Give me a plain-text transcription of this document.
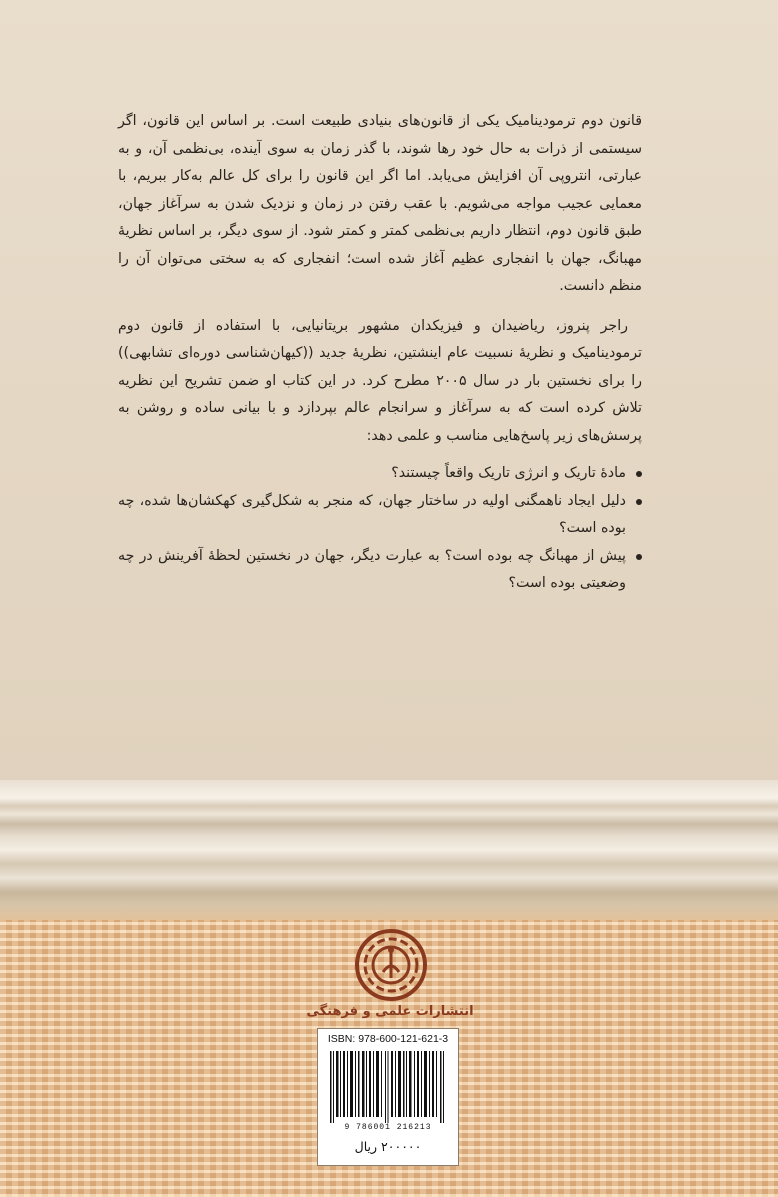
قانون دوم ترمودینامیک یکی از قانون‌های بنیادی طبیعت است. بر اساس این قانون، اگر سیستمی از ذرات به حال خود رها شوند، با گذر زمان به سوی آینده، بی‌نظمی آن، و به عبارتی، انتروپی آن افزایش می‌یابد. اما اگر این قانون را برای کل عالم به‌کار ببریم، با معمایی عجیب مواجه می‌شویم. با عقب رفتن در زمان و نزدیک شدن به سرآغاز جهان، طبق قانون دوم، انتظار داریم بی‌نظمی کمتر و کمتر شود. از سوی دیگر، بر اساس نظریهٔ مهبانگ، جهان با انفجاری عظیم آغاز شده است؛ انفجاری که به سختی می‌توان آن را منظم دانست.

راجر پنروز، ریاضیدان و فیزیکدان مشهور بریتانیایی، با استفاده از قانون دوم ترمودینامیک و نظریهٔ نسبیت عام اینشتین، نظریهٔ جدید ((کیهان‌شناسی دوره‌ای تشابهی)) را برای نخستین بار در سال ۲۰۰۵ مطرح کرد. در این کتاب او ضمن تشریح این نظریه تلاش کرده است که به سرآغاز و سرانجام عالم بپردازد و با بیانی ساده و روشن به پرسش‌های زیر پاسخ‌هایی مناسب و علمی دهد:

مادهٔ تاریک و انرژی تاریک واقعاً چیستند؟
دلیل ایجاد ناهمگنی اولیه در ساختار جهان، که منجر به شکل‌گیری کهکشان‌ها شده، چه بوده است؟
پیش از مهبانگ چه بوده است؟ به عبارت دیگر، جهان در نخستین لحظهٔ آفرینش در چه وضعیتی بوده است؟
انتشارات علمی و فرهنگی
ISBN: 978-600-121-621-3
9 786001 216213
۲۰۰۰۰۰ ریال
